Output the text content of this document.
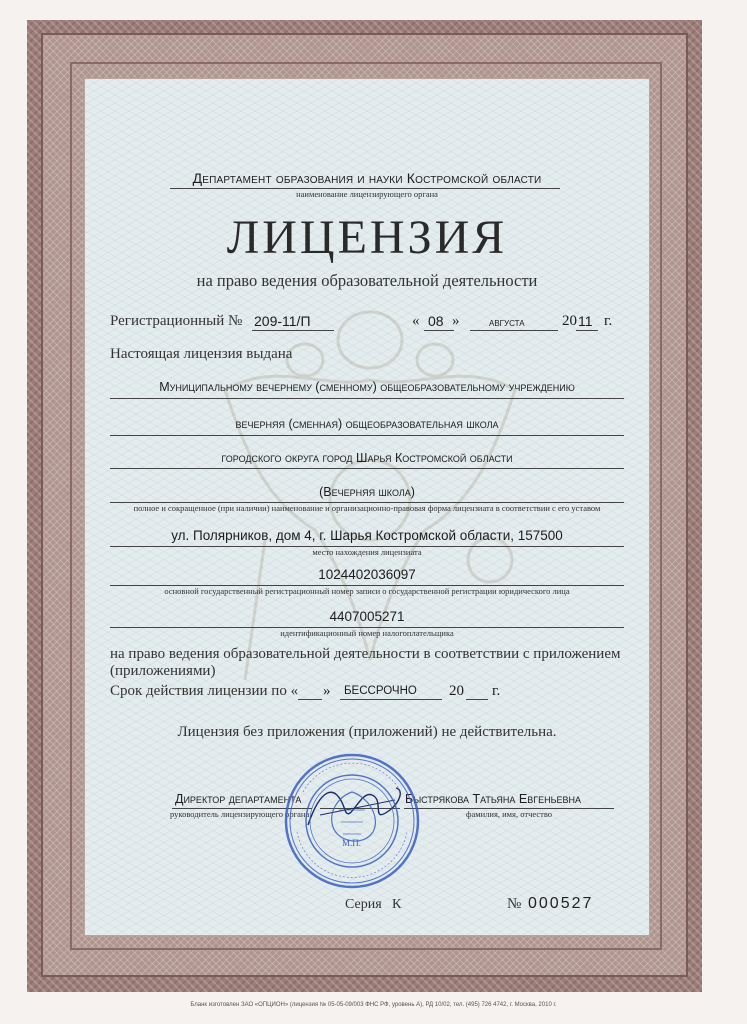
Департамент образования и науки Костромской области
наименование лицензирующего органа
ЛИЦЕНЗИЯ
на право ведения образовательной деятельности
Регистрационный № 209-11/П	« 08 » августа 20 11 г.
Настоящая лицензия выдана
Муниципальному вечернему (сменному) общеобразовательному учреждению
вечерняя (сменная) общеобразовательная школа
городского округа город Шарья Костромской области
(Вечерняя школа)
полное и сокращенное (при наличии) наименование и организационно-правовая форма лицензиата в соответствии с его уставом
ул. Полярников, дом 4, г. Шарья Костромской области, 157500
место нахождения лицензиата
1024402036097
основной государственный регистрационный номер записи о государственной регистрации юридического лица
4407005271
идентификационный номер налогоплательщика
на право ведения образовательной деятельности в соответствии с приложением
(приложениями)
Срок действия лицензии по « » БЕССРОЧНО 20 г.
Лицензия без приложения (приложений) не действительна.
Директор департамента
руководитель лицензирующего органа
Быстрякова Татьяна Евгеньевна
фамилия, имя, отчество
М.П.
Серия К	№ 000527
Бланк изготовлен ЗАО «ОПЦИОН» (лицензия № 05-05-09/003 ФНС РФ, уровень А), РД 10/02, тел. (495) 726 4742, г. Москва, 2010 г.
